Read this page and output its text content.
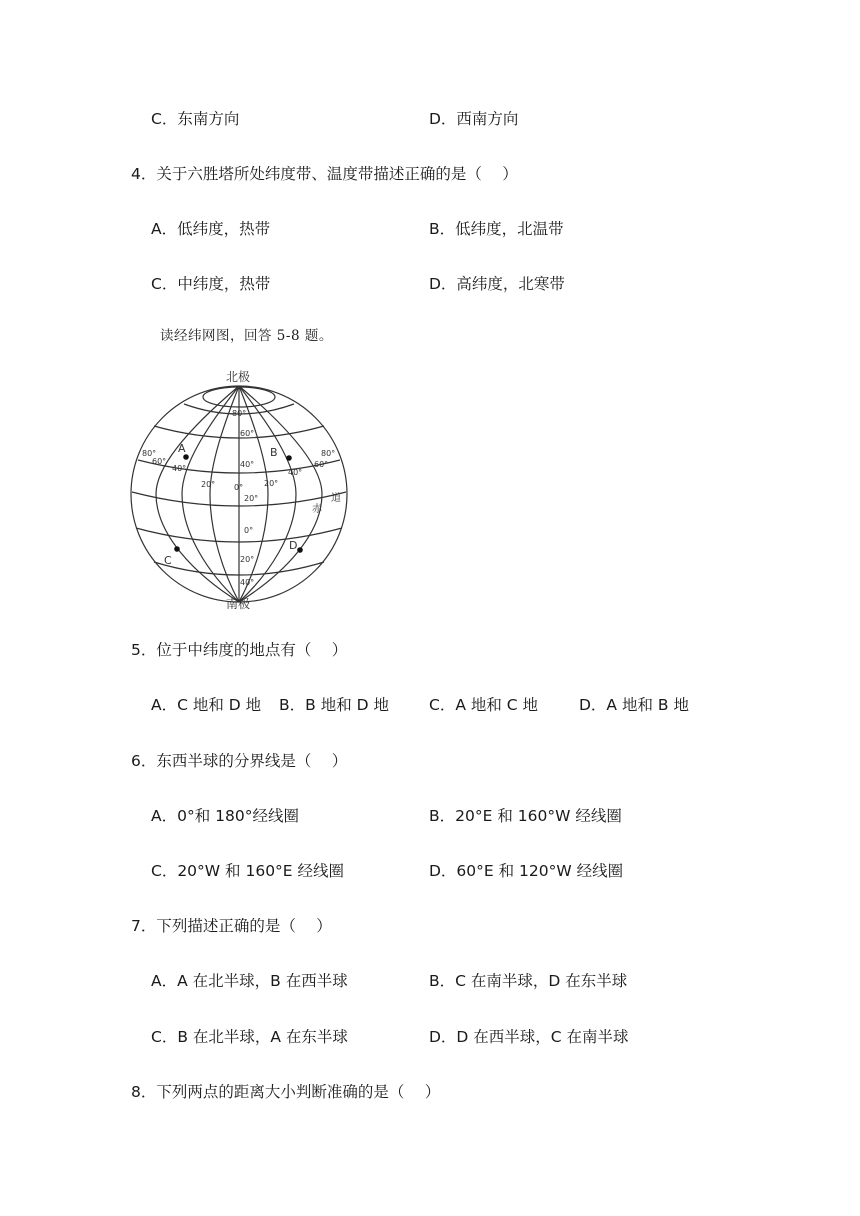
C．东南方向	D．西南方向
4．关于六胜塔所处纬度带、温度带描述正确的是（　 ）
A．低纬度，热带	B．低纬度，北温带
C．中纬度，热带	D．高纬度，北寒带
读经纬网图，回答 5-8 题。
北极
南极
赤
道
80°
60°
40°
20°
0°
20°
40°
80°
60°
40°
20° 0°	20°
40°
60°
80°
A	B
C
D
5．位于中纬度的地点有（　 ）
A．C 地和 D 地 B．B 地和 D 地	C．A 地和 C 地	D．A 地和 B 地
6．东西半球的分界线是（　 ）
A．0°和 180°经线圈	B．20°E 和 160°W 经线圈
C．20°W 和 160°E 经线圈	D．60°E 和 120°W 经线圈
7．下列描述正确的是（　 ）
A．A 在北半球，B 在西半球	B．C 在南半球，D 在东半球
C．B 在北半球，A 在东半球	D．D 在西半球，C 在南半球
8．下列两点的距离大小判断准确的是（　 ）
